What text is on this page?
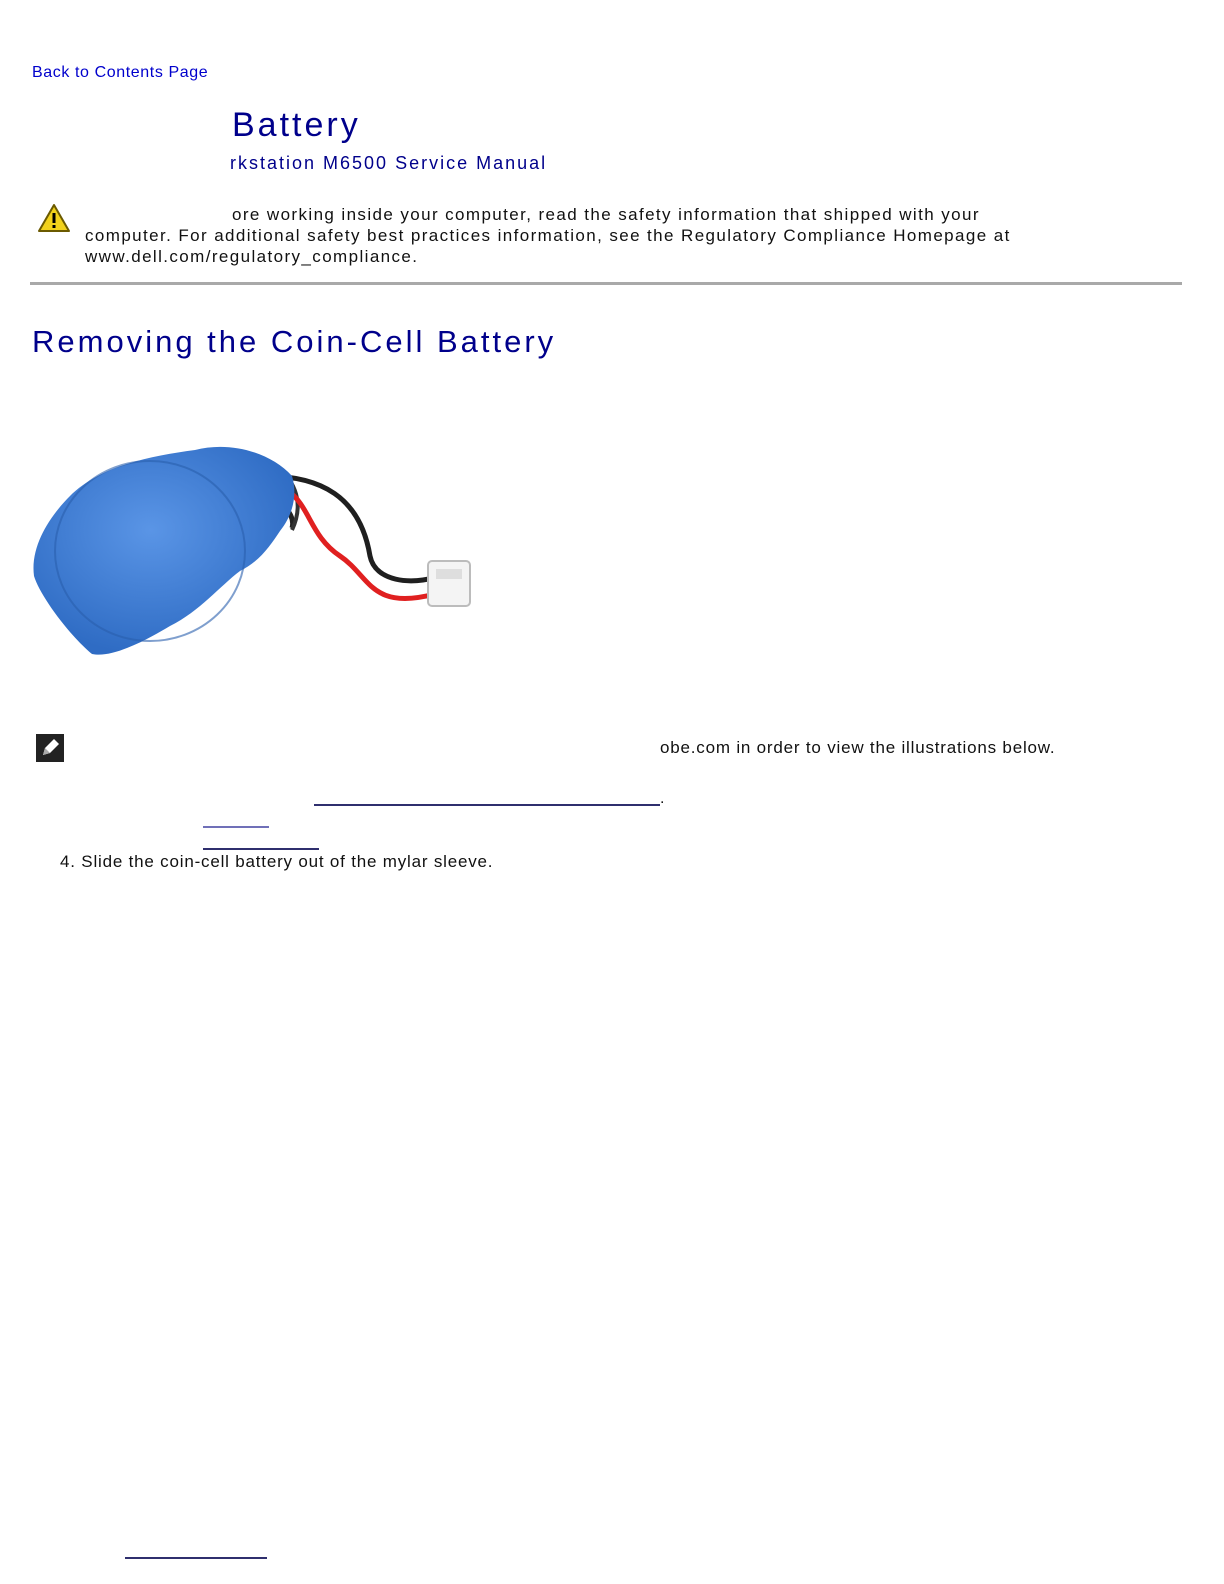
Back to Contents Page
Battery
rkstation M6500 Service Manual
ore working inside your computer, read the safety information that shipped with your
computer. For additional safety best practices information, see the Regulatory Compliance Homepage at
www.dell.com/regulatory_compliance.
Removing the Coin-Cell Battery
obe.com in order to view the illustrations below.
.
4. Slide the coin-cell battery out of the mylar sleeve.
